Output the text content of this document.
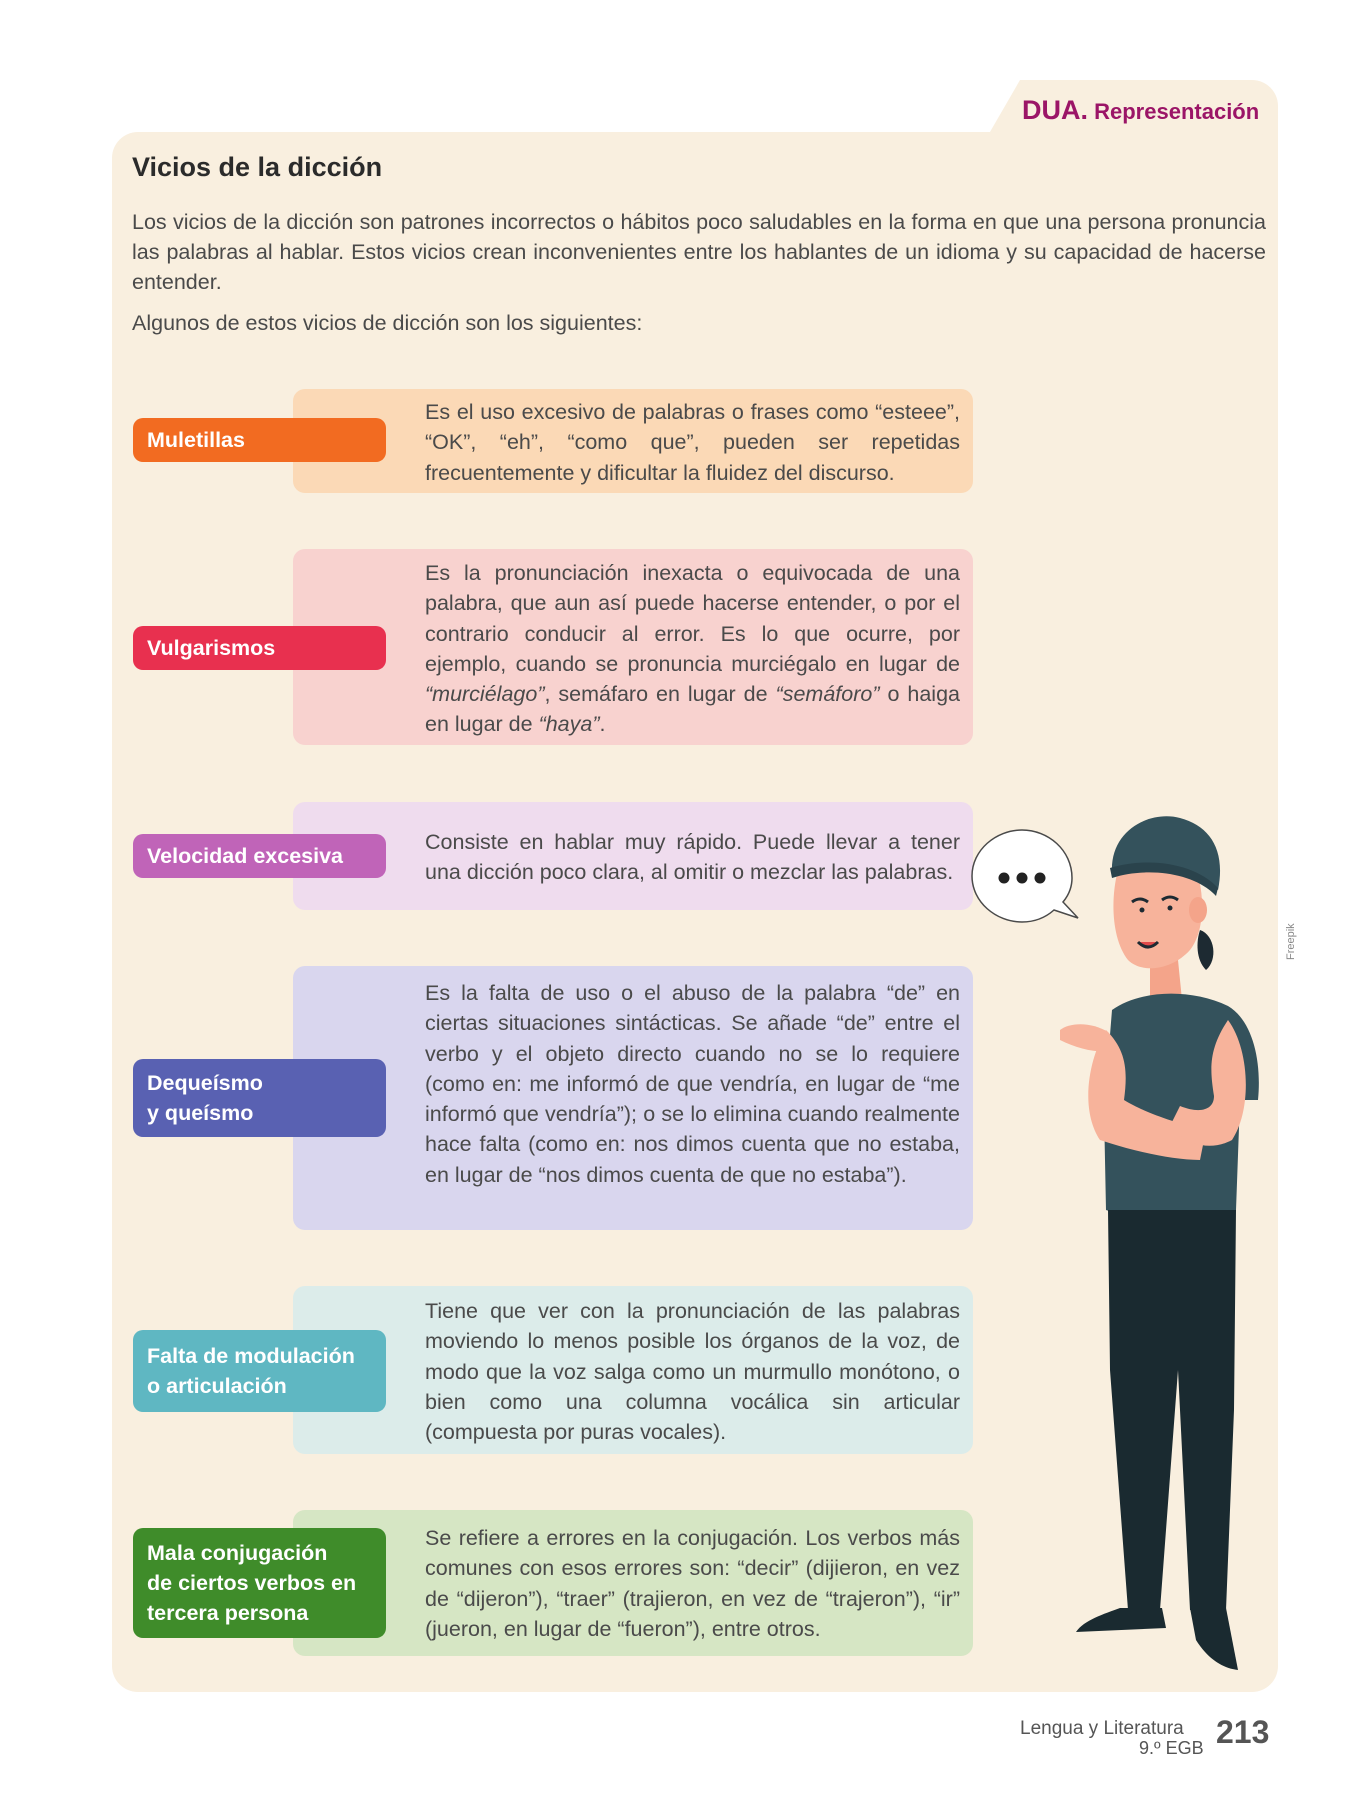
DUA. Representación
Vicios de la dicción

Los vicios de la dicción son patrones incorrectos o hábitos poco saludables en la forma en que una persona pronuncia las palabras al hablar. Estos vicios crean inconvenientes entre los hablantes de un idioma y su capacidad de hacerse entender.

Algunos de estos vicios de dicción son los siguientes:
Muletillas

Es el uso excesivo de palabras o frases como “esteee”, “OK”, “eh”, “como que”, pueden ser repetidas frecuentemente y dificultar la fluidez del discurso.

Vulgarismos

Es la pronunciación inexacta o equivocada de una palabra, que aun así puede hacerse entender, o por el contrario conducir al error. Es lo que ocurre, por ejemplo, cuando se pronuncia murciégalo en lugar de “murciélago”, semáfaro en lugar de “semáforo” o haiga en lugar de “haya”.

Velocidad excesiva

Consiste en hablar muy rápido. Puede llevar a tener una dicción poco clara, al omitir o mezclar las palabras.

Dequeísmo
y queísmo

Es la falta de uso o el abuso de la palabra “de” en ciertas situaciones sintácticas. Se añade “de” entre el verbo y el objeto directo cuando no se lo requiere (como en: me informó de que vendría, en lugar de “me informó que vendría”); o se lo elimina cuando realmente hace falta (como en: nos dimos cuenta que no estaba, en lugar de “nos dimos cuenta de que no estaba”).

Falta de modulación
o articulación

Tiene que ver con la pronunciación de las palabras moviendo lo menos posible los órganos de la voz, de modo que la voz salga como un murmullo monótono, o bien como una columna vocálica sin articular (compuesta por puras vocales).

Mala conjugación
de ciertos verbos en
tercera persona

Se refiere a errores en la conjugación. Los verbos más comunes con esos errores son: “decir” (dijieron, en vez de “dijeron”), “traer” (trajieron, en vez de “trajeron”), “ir” (jueron, en lugar de “fueron”), entre otros.

Freepik
Lengua y Literatura
9.º EGB 213
